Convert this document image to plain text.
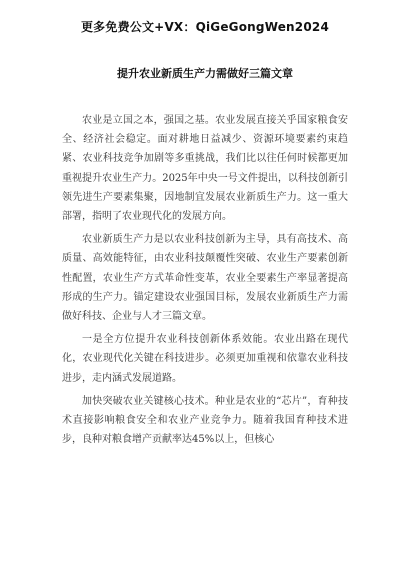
更多免费公文+VX：QiGeGongWen2024
提升农业新质生产力需做好三篇文章

农业是立国之本，强国之基。农业发展直接关乎国家粮食安全、经济社会稳定。面对耕地日益减少、资源环境要素约束趋紧、农业科技竞争加剧等多重挑战，我们比以往任何时候都更加重视提升农业生产力。2025年中央一号文件提出，以科技创新引领先进生产要素集聚，因地制宜发展农业新质生产力。这一重大部署，指明了农业现代化的发展方向。

农业新质生产力是以农业科技创新为主导，具有高技术、高质量、高效能特征，由农业科技颠覆性突破、农业生产要素创新性配置，农业生产方式革命性变革，农业全要素生产率显著提高形成的生产力。锚定建设农业强国目标，发展农业新质生产力需做好科技、企业与人才三篇文章。

一是全方位提升农业科技创新体系效能。农业出路在现代化，农业现代化关键在科技进步。必须更加重视和依靠农业科技进步，走内涵式发展道路。

加快突破农业关键核心技术。种业是农业的“芯片”，育种技术直接影响粮食安全和农业产业竞争力。随着我国育种技术进步，良种对粮食增产贡献率达45%以上，但核心
